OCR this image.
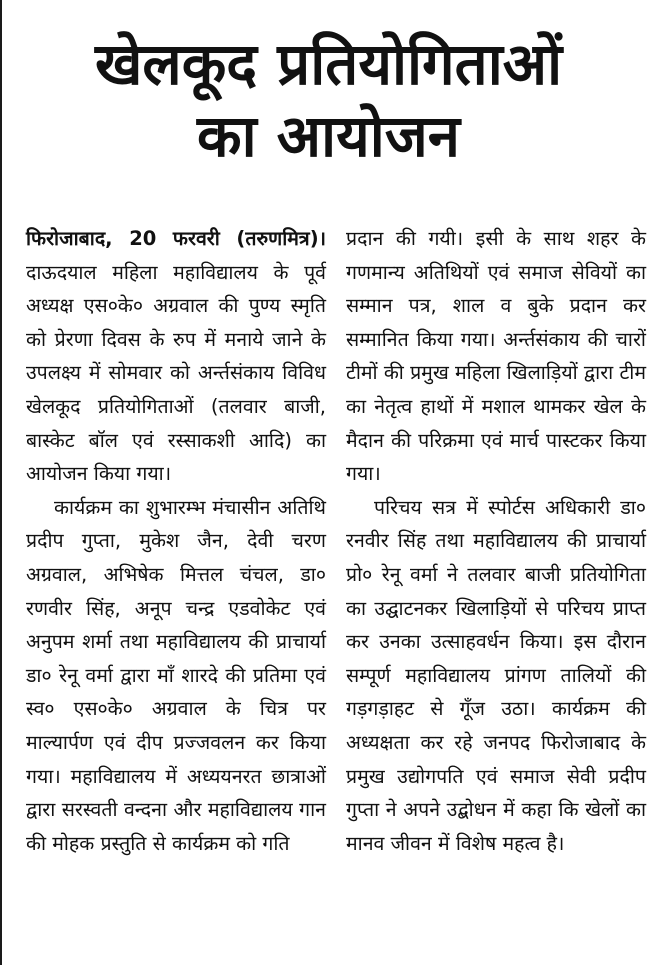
खेलकूद प्रतियोगिताओं
का आयोजन

फिरोजाबाद, 20 फरवरी (तरुणमित्र)। दाऊदयाल महिला महाविद्यालय के पूर्व अध्यक्ष एस०के० अग्रवाल की पुण्य स्मृति को प्रेरणा दिवस के रुप में मनाये जाने के उपलक्ष्य में सोमवार को अर्न्तसंकाय विविध खेलकूद प्रतियोगिताओं (तलवार बाजी, बास्केट बॉल एवं रस्साकशी आदि) का आयोजन किया गया।

कार्यक्रम का शुभारम्भ मंचासीन अतिथि प्रदीप गुप्ता, मुकेश जैन, देवी चरण अग्रवाल, अभिषेक मित्तल चंचल, डा० रणवीर सिंह, अनूप चन्द्र एडवोकेट एवं अनुपम शर्मा तथा महाविद्यालय की प्राचार्या डा० रेनू वर्मा द्वारा माँ शारदे की प्रतिमा एवं स्व० एस०के० अग्रवाल के चित्र पर माल्यार्पण एवं दीप प्रज्जवलन कर किया गया। महाविद्यालय में अध्ययनरत छात्राओं द्वारा सरस्वती वन्दना और महाविद्यालय गान की मोहक प्रस्तुति से कार्यक्रम को गति

प्रदान की गयी। इसी के साथ शहर के गणमान्य अतिथियों एवं समाज सेवियों का सम्मान पत्र, शाल व बुके प्रदान कर सम्मानित किया गया। अर्न्तसंकाय की चारों टीमों की प्रमुख महिला खिलाड़ियों द्वारा टीम का नेतृत्व हाथों में मशाल थामकर खेल के मैदान की परिक्रमा एवं मार्च पास्टकर किया गया।

परिचय सत्र में स्पोर्टस अधिकारी डा० रनवीर सिंह तथा महाविद्यालय की प्राचार्या प्रो० रेनू वर्मा ने तलवार बाजी प्रतियोगिता का उद्घाटनकर खिलाड़ियों से परिचय प्राप्त कर उनका उत्साहवर्धन किया। इस दौरान सम्पूर्ण महाविद्यालय प्रांगण तालियों की गड़गड़ाहट से गूँज उठा। कार्यक्रम की अध्यक्षता कर रहे जनपद फिरोजाबाद के प्रमुख उद्योगपति एवं समाज सेवी प्रदीप गुप्ता ने अपने उद्बोधन में कहा कि खेलों का मानव जीवन में विशेष महत्व है।
